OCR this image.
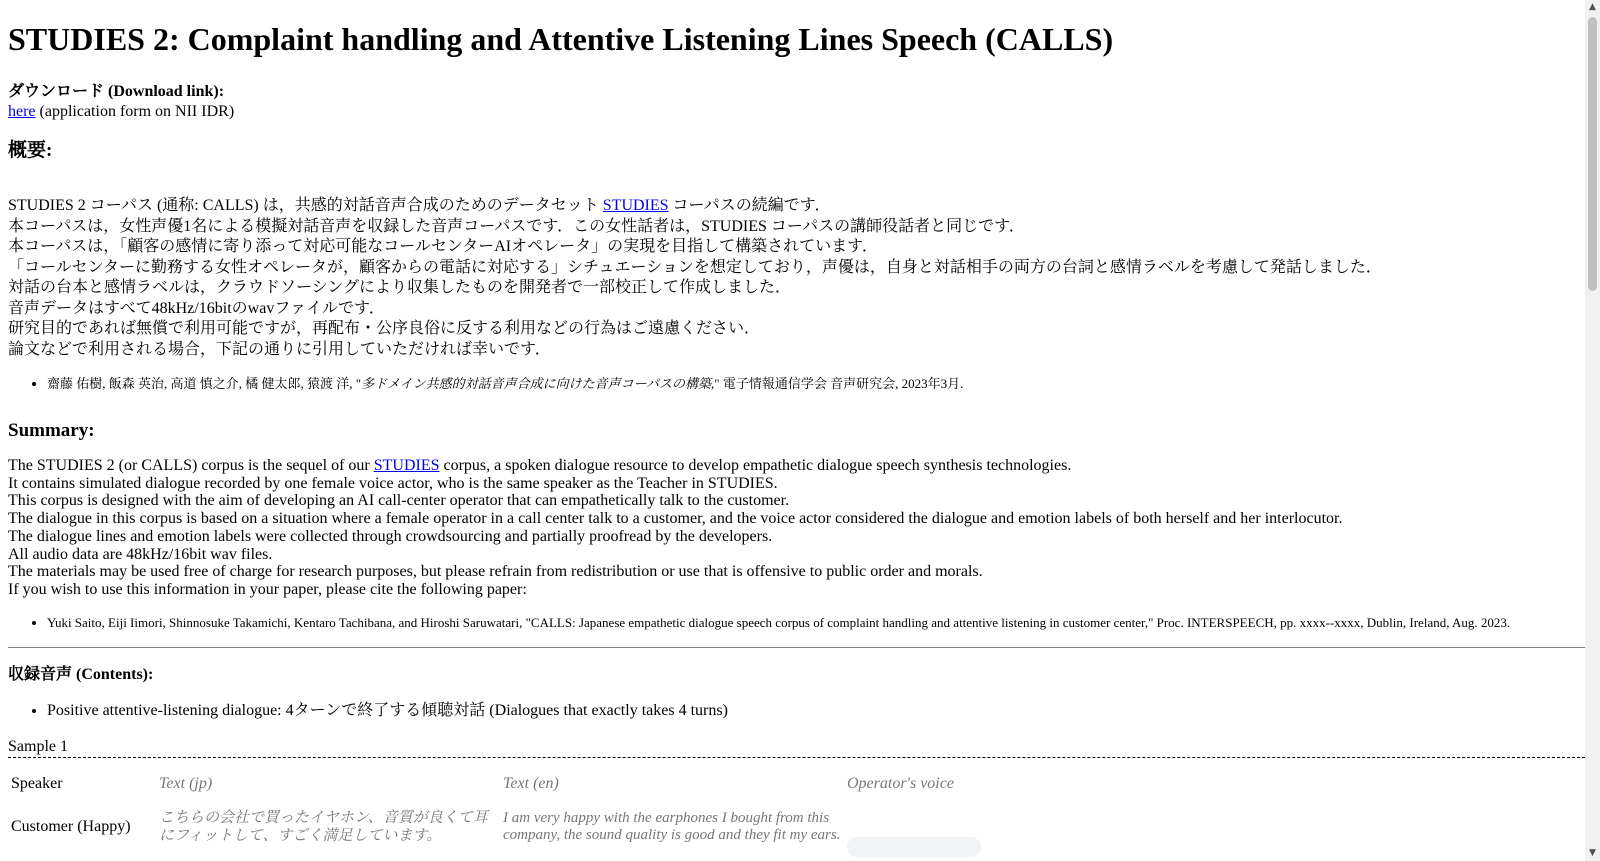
STUDIES 2: Complaint handling and Attentive Listening Lines Speech (CALLS)
ダウンロード (Download link):
here (application form on NII IDR)
概要:
STUDIES 2 コーパス (通称: CALLS) は，共感的対話音声合成のためのデータセット STUDIES コーパスの続編です．
本コーパスは，女性声優1名による模擬対話音声を収録した音声コーパスです．この女性話者は，STUDIES コーパスの講師役話者と同じです．
本コーパスは，「顧客の感情に寄り添って対応可能なコールセンターAIオペレータ」の実現を目指して構築されています．
「コールセンターに勤務する女性オペレータが，顧客からの電話に対応する」シチュエーションを想定しており，声優は，自身と対話相手の両方の台詞と感情ラベルを考慮して発話しました．
対話の台本と感情ラベルは，クラウドソーシングにより収集したものを開発者で一部校正して作成しました．
音声データはすべて48kHz/16bitのwavファイルです．
研究目的であれば無償で利用可能ですが，再配布・公序良俗に反する利用などの行為はご遠慮ください．
論文などで利用される場合，下記の通りに引用していただければ幸いです．
• 齋藤 佑樹, 飯森 英治, 高道 慎之介, 橘 健太郎, 猿渡 洋, "多ドメイン共感的対話音声合成に向けた音声コーパスの構築," 電子情報通信学会 音声研究会, 2023年3月.
Summary:
The STUDIES 2 (or CALLS) corpus is the sequel of our STUDIES corpus, a spoken dialogue resource to develop empathetic dialogue speech synthesis technologies.
It contains simulated dialogue recorded by one female voice actor, who is the same speaker as the Teacher in STUDIES.
This corpus is designed with the aim of developing an AI call-center operator that can empathetically talk to the customer.
The dialogue in this corpus is based on a situation where a female operator in a call center talk to a customer, and the voice actor considered the dialogue and emotion labels of both herself and her interlocutor.
The dialogue lines and emotion labels were collected through crowdsourcing and partially proofread by the developers.
All audio data are 48kHz/16bit wav files.
The materials may be used free of charge for research purposes, but please refrain from redistribution or use that is offensive to public order and morals.
If you wish to use this information in your paper, please cite the following paper:
• Yuki Saito, Eiji Iimori, Shinnosuke Takamichi, Kentaro Tachibana, and Hiroshi Saruwatari, "CALLS: Japanese empathetic dialogue speech corpus of complaint handling and attentive listening in customer center," Proc. INTERSPEECH, pp. xxxx--xxxx, Dublin, Ireland, Aug. 2023.
収録音声 (Contents):
• Positive attentive-listening dialogue: 4ターンで終了する傾聴対話 (Dialogues that exactly takes 4 turns)
Sample 1
Speaker	Text (jp)	Text (en)	Operator's voice
Customer (Happy)	こちらの会社で買ったイヤホン、音質が良くて耳にフィットして、すごく満足しています。	I am very happy with the earphones I bought from this company, the sound quality is good and they fit my ears.	
▲
▼
